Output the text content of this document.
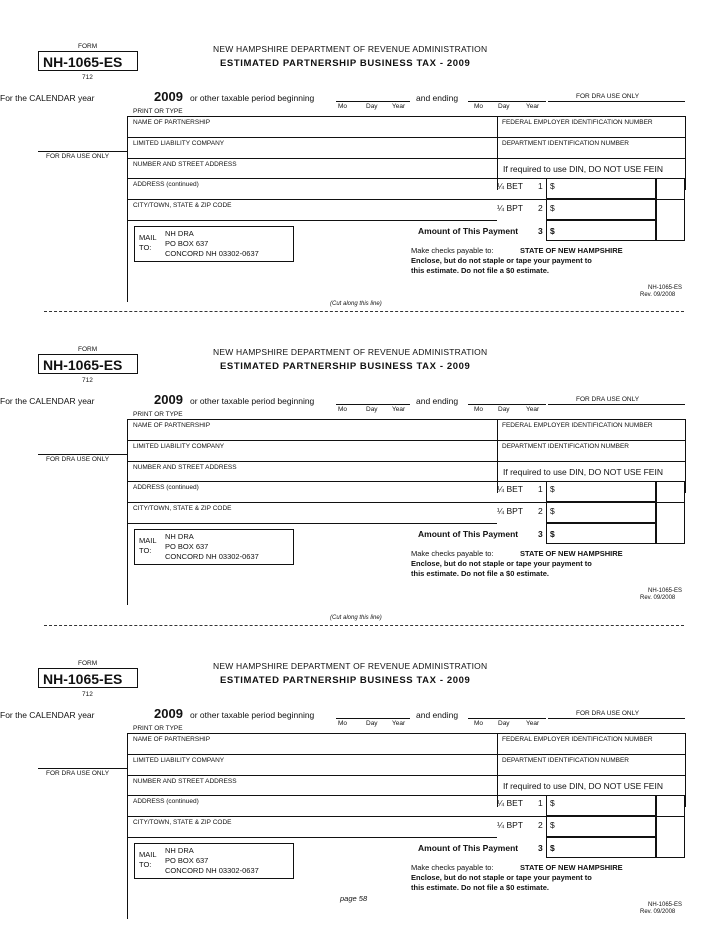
FORM
NH-1065-ES
712
NEW HAMPSHIRE DEPARTMENT OF REVENUE ADMINISTRATION
ESTIMATED PARTNERSHIP BUSINESS TAX - 2009
For the CALENDAR year	2009 or other taxable period beginning
Mo	Day Year
and ending
Mo Day	Year
FOR DRA USE ONLY
PRINT OR TYPE
NAME OF PARTNERSHIP	FEDERAL EMPLOYER IDENTIFICATION NUMBER
LIMITED LIABILITY COMPANY	DEPARTMENT IDENTIFICATION NUMBER
FOR DRA USE ONLY
NUMBER AND STREET ADDRESS	If required to use DIN, DO NOT USE FEIN
ADDRESS (continued)	¼ BET 1 $
CITY/TOWN, STATE & ZIP CODE	¼ BPT 2 $
Amount of This Payment 3 $
MAIL
TO:
NH DRA
PO BOX 637
CONCORD NH 03302-0637	Make checks payable to:	STATE OF NEW HAMPSHIRE
Enclose, but do not staple or tape your payment to
this estimate. Do not file a $0 estimate.
NH-1065-ES
Rev. 09/2008
FORM
NH-1065-ES
712
NEW HAMPSHIRE DEPARTMENT OF REVENUE ADMINISTRATION
ESTIMATED PARTNERSHIP BUSINESS TAX - 2009
For the CALENDAR year	2009 or other taxable period beginning
Mo	Day Year
and ending
Mo Day	Year
FOR DRA USE ONLY
PRINT OR TYPE
NAME OF PARTNERSHIP	FEDERAL EMPLOYER IDENTIFICATION NUMBER
LIMITED LIABILITY COMPANY	DEPARTMENT IDENTIFICATION NUMBER
FOR DRA USE ONLY
NUMBER AND STREET ADDRESS	If required to use DIN, DO NOT USE FEIN
ADDRESS (continued)	¼ BET 1 $
CITY/TOWN, STATE & ZIP CODE	¼ BPT 2 $
Amount of This Payment 3 $
MAIL
TO:
NH DRA
PO BOX 637
CONCORD NH 03302-0637	Make checks payable to:	STATE OF NEW HAMPSHIRE
Enclose, but do not staple or tape your payment to
this estimate. Do not file a $0 estimate.
NH-1065-ES
Rev. 09/2008
FORM
NH-1065-ES
712
NEW HAMPSHIRE DEPARTMENT OF REVENUE ADMINISTRATION
ESTIMATED PARTNERSHIP BUSINESS TAX - 2009
For the CALENDAR year	2009 or other taxable period beginning
Mo	Day Year
and ending
Mo Day	Year
FOR DRA USE ONLY
PRINT OR TYPE
NAME OF PARTNERSHIP	FEDERAL EMPLOYER IDENTIFICATION NUMBER
LIMITED LIABILITY COMPANY	DEPARTMENT IDENTIFICATION NUMBER
FOR DRA USE ONLY
NUMBER AND STREET ADDRESS	If required to use DIN, DO NOT USE FEIN
ADDRESS (continued)	¼ BET 1 $
CITY/TOWN, STATE & ZIP CODE	¼ BPT 2 $
Amount of This Payment 3 $
MAIL
TO:
NH DRA
PO BOX 637
CONCORD NH 03302-0637	Make checks payable to:	STATE OF NEW HAMPSHIRE
Enclose, but do not staple or tape your payment to
this estimate. Do not file a $0 estimate.
NH-1065-ES
Rev. 09/2008
(Cut along this line)
(Cut along this line)
page 58
